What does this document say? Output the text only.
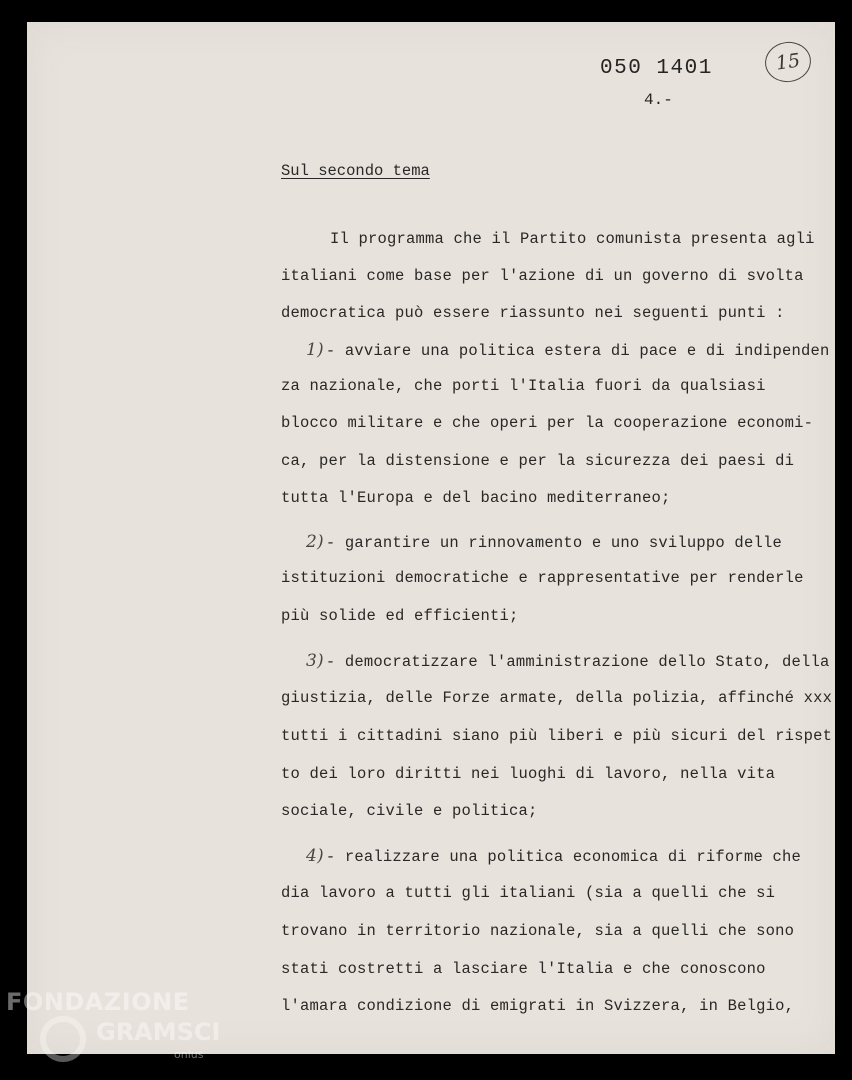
050 1401
4.-
15
Sul secondo tema
Il programma che il Partito comunista presenta agli
italiani come base per l'azione di un governo di svolta
democratica può essere riassunto nei seguenti punti :
1) - avviare una politica estera di pace e di indipenden
za nazionale, che porti l'Italia fuori da qualsiasi
blocco militare e che operi per la cooperazione economi-
ca, per la distensione e per la sicurezza dei paesi di
tutta l'Europa e del bacino mediterraneo;
2) - garantire un rinnovamento e uno sviluppo delle
istituzioni democratiche e rappresentative per renderle
più solide ed efficienti;
3) - democratizzare l'amministrazione dello Stato, della
giustizia, delle Forze armate, della polizia, affinché xxx
tutti i cittadini siano più liberi e più sicuri del rispet
to dei loro diritti nei luoghi di lavoro, nella vita
sociale, civile e politica;
4) - realizzare una politica economica di riforme che
dia lavoro a tutti gli italiani (sia a quelli che si
trovano in territorio nazionale, sia a quelli che sono
stati costretti a lasciare l'Italia e che conoscono
l'amara condizione di emigrati in Svizzera, in Belgio,
FONDAZIONE
GRAMSCI
onlus
